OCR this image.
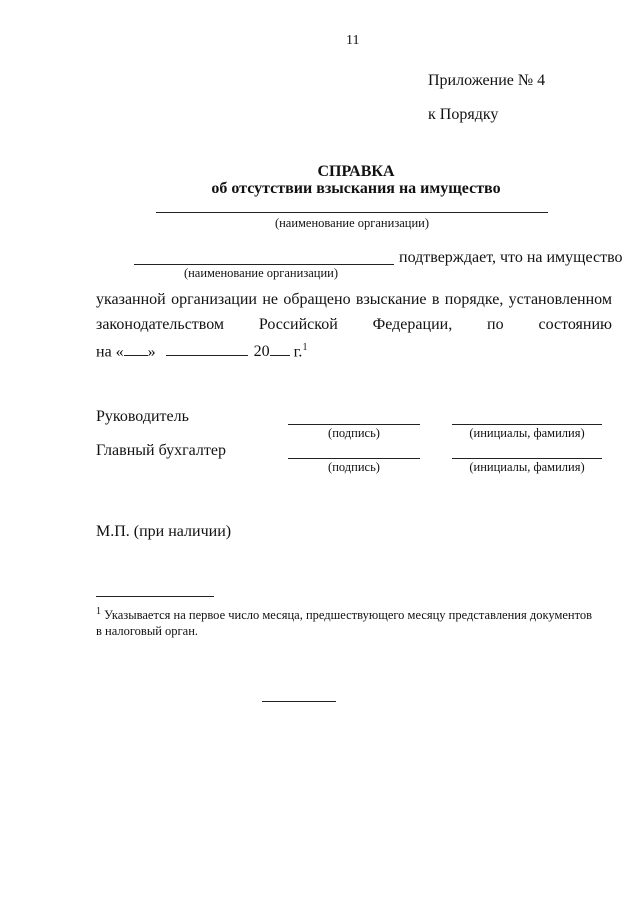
11
Приложение № 4
к Порядку
СПРАВКА
об отсутствии взыскания на имущество
(наименование организации)
подтверждает, что на имущество
(наименование организации)
указанной организации не обращено взыскание в порядке, установленном
законодательством Российской Федерации, по состоянию
на « »	20 г.$^1$
Руководитель
(подпись)	(инициалы, фамилия)
Главный бухгалтер
(подпись)	(инициалы, фамилия)
М.П. (при наличии)
$^1$ Указывается на первое число месяца, предшествующего месяцу представления документов
в налоговый орган.
